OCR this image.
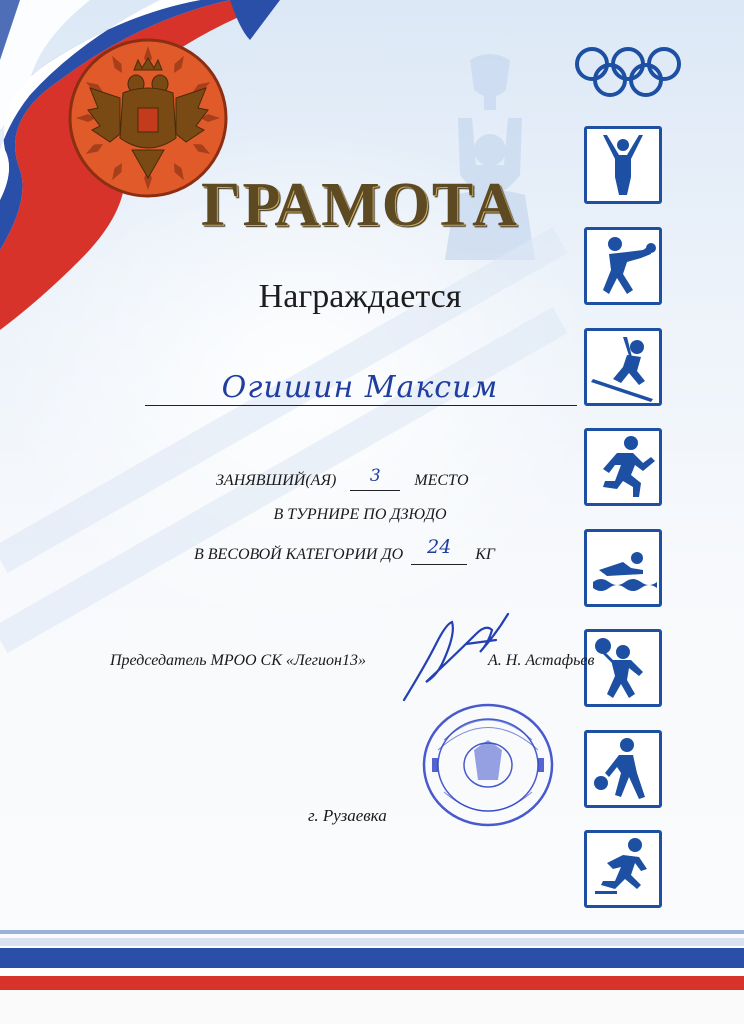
ГРАМОТА
Награждается
Огишин Максим
ЗАНЯВШИЙ(АЯ) 3 МЕСТО
В ТУРНИРЕ ПО ДЗЮДО
В ВЕСОВОЙ КАТЕГОРИИ ДО 24 КГ
Председатель МРОО СК «Легион13»	А. Н. Астафьев
г. Рузаевка
